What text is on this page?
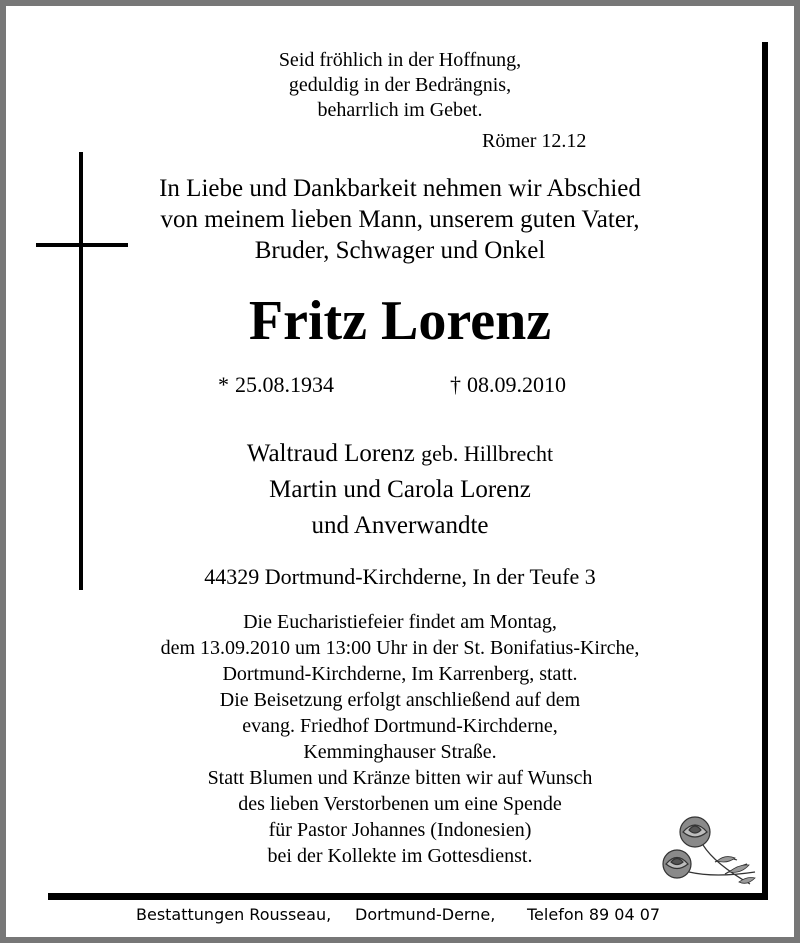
Seid fröhlich in der Hoffnung,
geduldig in der Bedrängnis,
beharrlich im Gebet.
Römer 12.12
In Liebe und Dankbarkeit nehmen wir Abschied
von meinem lieben Mann, unserem guten Vater,
Bruder, Schwager und Onkel
Fritz Lorenz
* 25.08.1934	† 08.09.2010
Waltraud Lorenz geb. Hillbrecht
Martin und Carola Lorenz
und Anverwandte
44329 Dortmund-Kirchderne, In der Teufe 3
Die Eucharistiefeier findet am Montag,
dem 13.09.2010 um 13:00 Uhr in der St. Bonifatius-Kirche,
Dortmund-Kirchderne, Im Karrenberg, statt.
Die Beisetzung erfolgt anschließend auf dem
evang. Friedhof Dortmund-Kirchderne,
Kemminghauser Straße.
Statt Blumen und Kränze bitten wir auf Wunsch
des lieben Verstorbenen um eine Spende
für Pastor Johannes (Indonesien)
bei der Kollekte im Gottesdienst.
Bestattungen Rousseau, Dortmund-Derne, Telefon 89 04 07
